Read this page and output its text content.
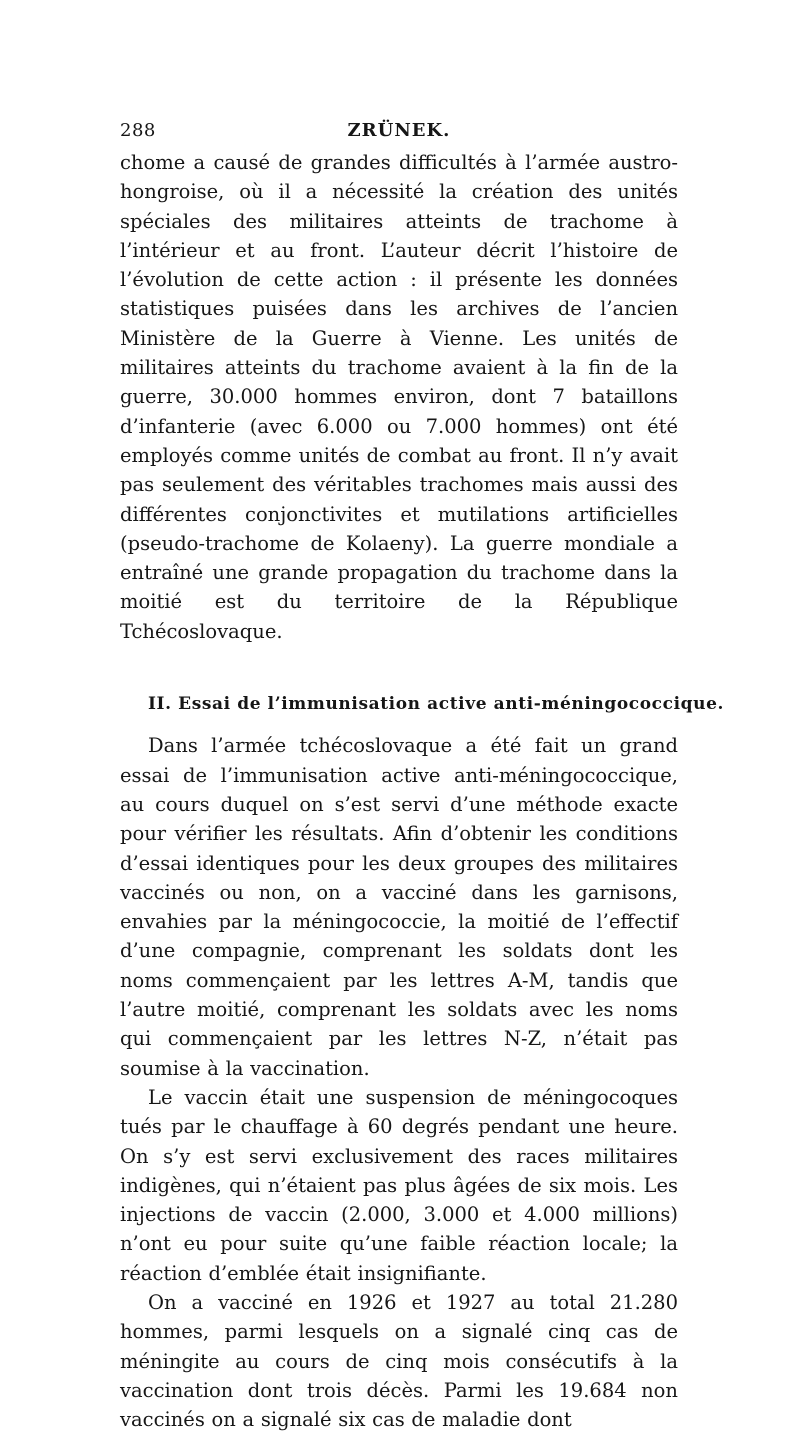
288	ZRÜNEK.

chome a causé de grandes difficultés à l’armée austro-hongroise, où il a nécessité la création des unités spéciales des militaires atteints de trachome à l’intérieur et au front. L’auteur décrit l’histoire de l’évolution de cette action : il présente les données statistiques puisées dans les archives de l’ancien Ministère de la Guerre à Vienne. Les unités de militaires atteints du trachome avaient à la fin de la guerre, 30.000 hommes environ, dont 7 bataillons d’infanterie (avec 6.000 ou 7.000 hommes) ont été employés comme unités de combat au front. Il n’y avait pas seulement des véritables trachomes mais aussi des différentes conjonctivites et mutilations artificielles (pseudo-trachome de Kolaeny). La guerre mondiale a entraîné une grande propagation du trachome dans la moitié est du territoire de la République Tchécoslovaque.

II. Essai de l’immunisation active anti-méningococcique.

Dans l’armée tchécoslovaque a été fait un grand essai de l’immunisation active anti-méningococcique, au cours duquel on s’est servi d’une méthode exacte pour vérifier les résultats. Afin d’obtenir les conditions d’essai identiques pour les deux groupes des militaires vaccinés ou non, on a vacciné dans les garnisons, envahies par la méningococcie, la moitié de l’effectif d’une compagnie, comprenant les soldats dont les noms commençaient par les lettres A-M, tandis que l’autre moitié, comprenant les soldats avec les noms qui commençaient par les lettres N-Z, n’était pas soumise à la vaccination.

Le vaccin était une suspension de méningocoques tués par le chauffage à 60 degrés pendant une heure. On s’y est servi exclusivement des races militaires indigènes, qui n’étaient pas plus âgées de six mois. Les injections de vaccin (2.000, 3.000 et 4.000 millions) n’ont eu pour suite qu’une faible réaction locale; la réaction d’emblée était insignifiante.

On a vacciné en 1926 et 1927 au total 21.280 hommes, parmi lesquels on a signalé cinq cas de méningite au cours de cinq mois consécutifs à la vaccination dont trois décès. Parmi les 19.684 non vaccinés on a signalé six cas de maladie dont
